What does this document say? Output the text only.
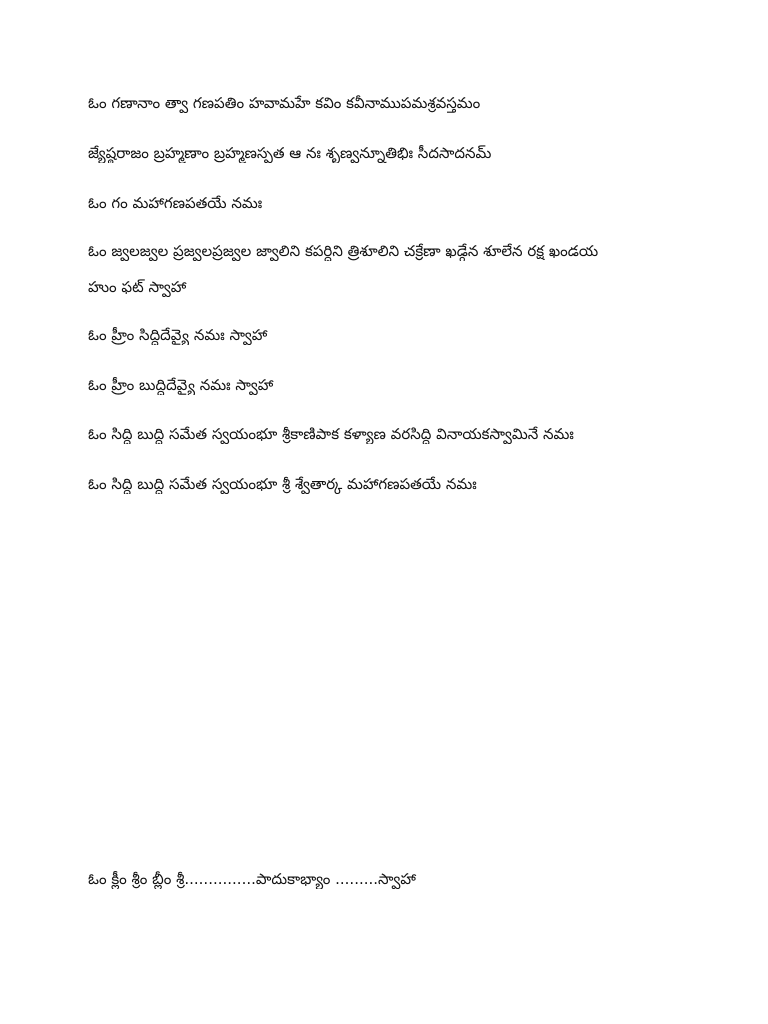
ఓం గణానాం త్వా గణపతిం హవామహే కవిం కవీనాముపమశ్రవస్తమం
జ్యేష్ఠరాజం బ్రహ్మణాం బ్రహ్మణస్పత ఆ నః శృణ్వన్నూతిభిః సీదసాదనమ్
ఓం గం మహాగణపతయే నమః
ఓం జ్వలజ్వల ప్రజ్వలప్రజ్వల జ్వాలిని కపర్దిని త్రిశూలిని చక్రేణా ఖడ్గేన శూలేన రక్ష ఖండయ
హుం ఫట్ స్వాహా
ఓం హ్రీం సిద్ధిదేవ్యై నమః స్వాహా
ఓం హ్రీం బుద్ధిదేవ్యై నమః స్వాహా
ఓం సిద్ధి బుద్ధి సమేత స్వయంభూ శ్రీకాణిపాక కళ్యాణ వరసిద్ధి వినాయకస్వామినే నమః
ఓం సిద్ధి బుద్ధి సమేత స్వయంభూ శ్రీ శ్వేతార్క మహాగణపతయే నమః
ఓం క్లీం శ్రీం బ్లీం శ్రీ...............పాదుకాభ్యాం .........స్వాహా
